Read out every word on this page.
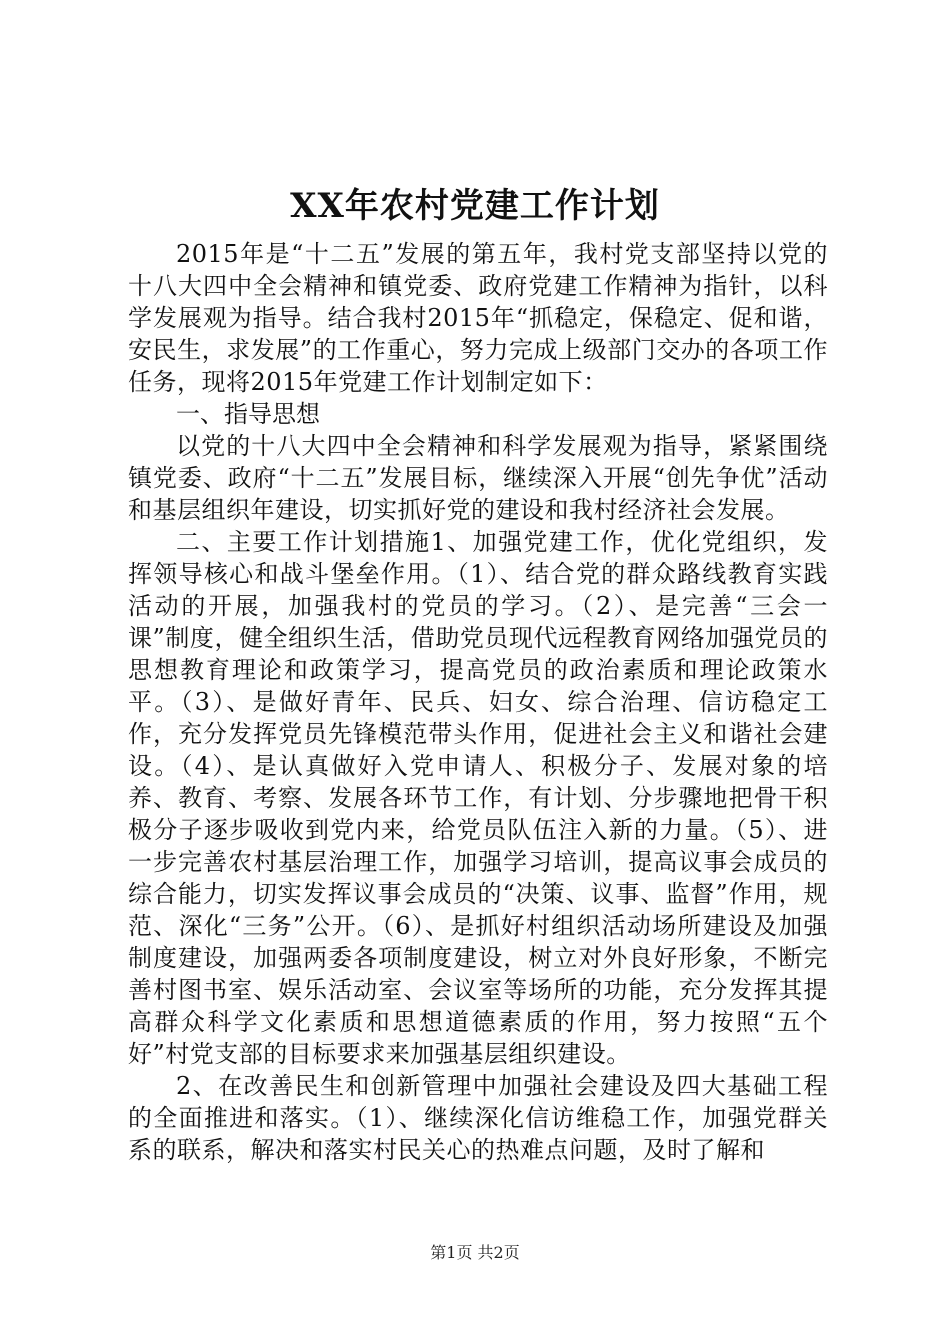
XX年农村党建工作计划

2015年是“十二五”发展的第五年，我村党支部坚持以党的十八大四中全会精神和镇党委、政府党建工作精神为指针，以科学发展观为指导。结合我村2015年“抓稳定，保稳定、促和谐，安民生，求发展”的工作重心，努力完成上级部门交办的各项工作任务，现将2015年党建工作计划制定如下：

一、指导思想

以党的十八大四中全会精神和科学发展观为指导，紧紧围绕镇党委、政府“十二五”发展目标，继续深入开展“创先争优”活动和基层组织年建设，切实抓好党的建设和我村经济社会发展。

二、主要工作计划措施1、加强党建工作，优化党组织，发挥领导核心和战斗堡垒作用。（1）、结合党的群众路线教育实践活动的开展，加强我村的党员的学习。（2）、是完善“三会一课”制度，健全组织生活，借助党员现代远程教育网络加强党员的思想教育理论和政策学习，提高党员的政治素质和理论政策水平。（3）、是做好青年、民兵、妇女、综合治理、信访稳定工作，充分发挥党员先锋模范带头作用，促进社会主义和谐社会建设。（4）、是认真做好入党申请人、积极分子、发展对象的培养、教育、考察、发展各环节工作，有计划、分步骤地把骨干积极分子逐步吸收到党内来，给党员队伍注入新的力量。（5）、进一步完善农村基层治理工作，加强学习培训，提高议事会成员的综合能力，切实发挥议事会成员的“决策、议事、监督”作用，规范、深化“三务”公开。（6）、是抓好村组织活动场所建设及加强制度建设，加强两委各项制度建设，树立对外良好形象，不断完善村图书室、娱乐活动室、会议室等场所的功能，充分发挥其提高群众科学文化素质和思想道德素质的作用，努力按照“五个好”村党支部的目标要求来加强基层组织建设。

2、在改善民生和创新管理中加强社会建设及四大基础工程的全面推进和落实。（1）、继续深化信访维稳工作，加强党群关系的联系，解决和落实村民关心的热难点问题，及时了解和

第1页 共2页
